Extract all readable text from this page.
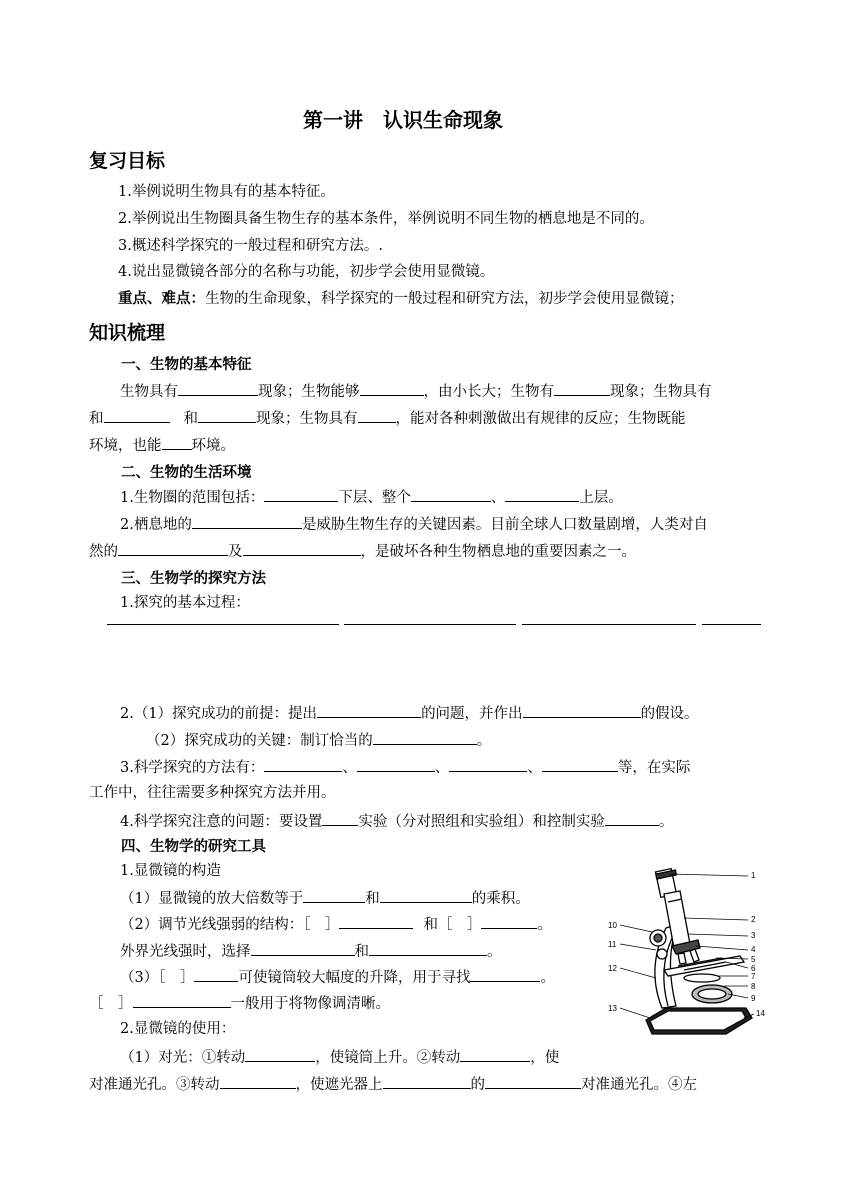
第一讲　认识生命现象
复习目标
1.举例说明生物具有的基本特征。
2.举例说出生物圈具备生物生存的基本条件，举例说明不同生物的栖息地是不同的。
3.概述科学探究的一般过程和研究方法。.
4.说出显微镜各部分的名称与功能，初步学会使用显微镜。
重点、难点：生物的生命现象，科学探究的一般过程和研究方法，初步学会使用显微镜；
知识梳理
一、生物的基本特征
生物具有	现象；生物能够	，由小长大；生物有	现象；生物具有
和	和	现象；生物具有	，能对各种刺激做出有规律的反应；生物既能
环境，也能 环境。
二、生物的生活环境
1.生物圈的范围包括：	下层、整个	、	上层。
2.栖息地的	是威胁生物生存的关键因素。目前全球人口数量剧增，人类对自
然的	及	，是破坏各种生物栖息地的重要因素之一。
三、生物学的探究方法
1.探究的基本过程：
2.（1）探究成功的前提：提出	的问题，并作出	的假设。
（2）探究成功的关键：制订恰当的	。
3.科学探究的方法有：	、	、	、	等，在实际
工作中，往往需要多种探究方法并用。
4.科学探究注意的问题：要设置 实验（分对照组和实验组）和控制实验	。
四、生物学的研究工具
1.显微镜的构造
（1）显微镜的放大倍数等于	和	的乘积。
（2）调节光线强弱的结构：［　］	和［　］	。
外界光线强时，选择	和	。
（3）［　］	可使镜筒较大幅度的升降，用于寻找	。
［　］	一般用于将物像调清晰。
2.显微镜的使用：
（1）对光：①转动	，使镜筒上升。②转动	，使
对准通光孔。③转动	，使遮光器上	的	对准通光孔。④左
1
2
3
4
5
6
7
8
9
10
11
12
13
14
